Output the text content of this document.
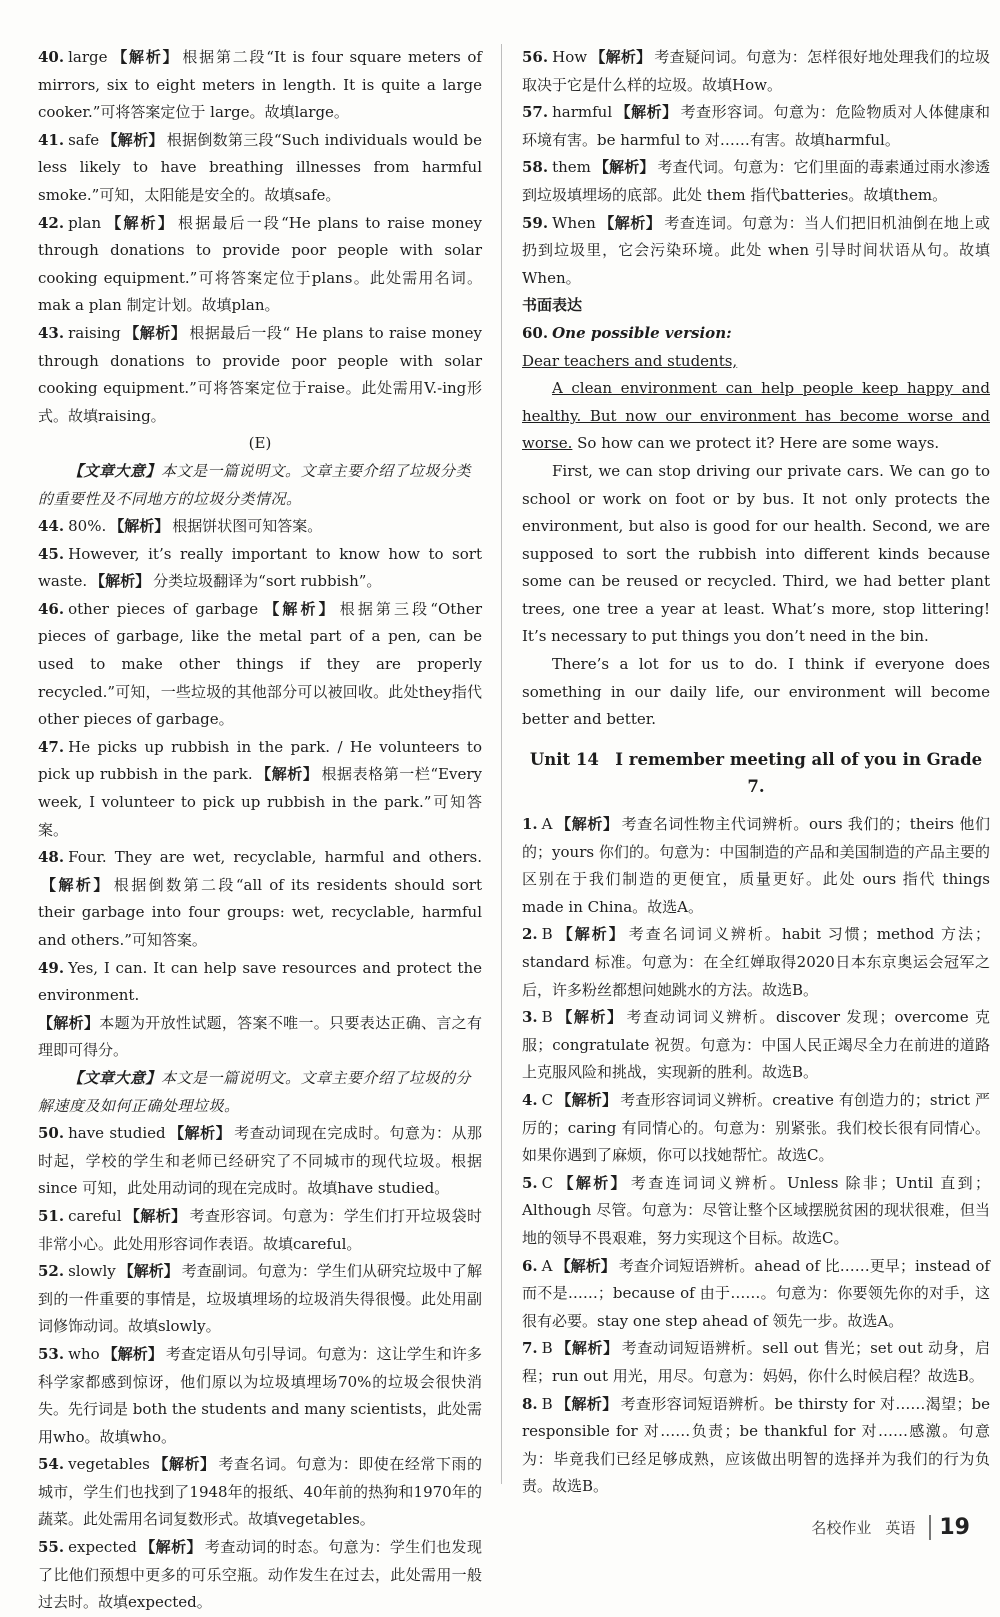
40. large 【解析】 根据第二段“It is four square meters of mirrors, six to eight meters in length. It is quite a large cooker.”可将答案定位于 large。故填large。
41. safe 【解析】 根据倒数第三段“Such individuals would be less likely to have breathing illnesses from harmful smoke.”可知，太阳能是安全的。故填safe。
42. plan 【解析】 根据最后一段“He plans to raise money through donations to provide poor people with solar cooking equipment.”可将答案定位于plans。此处需用名词。mak a plan 制定计划。故填plan。
43. raising 【解析】 根据最后一段“ He plans to raise money through donations to provide poor people with solar cooking equipment.”可将答案定位于raise。此处需用V.-ing形式。故填raising。
(E)
【文章大意】本文是一篇说明文。文章主要介绍了垃圾分类的重要性及不同地方的垃圾分类情况。
44. 80%. 【解析】 根据饼状图可知答案。
45. However, it’s really important to know how to sort waste. 【解析】 分类垃圾翻译为“sort rubbish”。
46. other pieces of garbage 【解析】 根据第三段“Other pieces of garbage, like the metal part of a pen, can be used to make other things if they are properly recycled.”可知，一些垃圾的其他部分可以被回收。此处they指代 other pieces of garbage。
47. He picks up rubbish in the park. / He volunteers to pick up rubbish in the park. 【解析】 根据表格第一栏“Every week, I volunteer to pick up rubbish in the park.”可知答案。
48. Four. They are wet, recyclable, harmful and others.【解析】 根据倒数第二段“all of its residents should sort their garbage into four groups: wet, recyclable, harmful and others.”可知答案。
49. Yes, I can. It can help save resources and protect the environment.
【解析】本题为开放性试题，答案不唯一。只要表达正确、言之有理即可得分。
【文章大意】本文是一篇说明文。文章主要介绍了垃圾的分解速度及如何正确处理垃圾。
50. have studied 【解析】 考查动词现在完成时。句意为：从那时起，学校的学生和老师已经研究了不同城市的现代垃圾。根据 since 可知，此处用动词的现在完成时。故填have studied。
51. careful 【解析】 考查形容词。句意为：学生们打开垃圾袋时非常小心。此处用形容词作表语。故填careful。
52. slowly 【解析】 考查副词。句意为：学生们从研究垃圾中了解到的一件重要的事情是，垃圾填埋场的垃圾消失得很慢。此处用副词修饰动词。故填slowly。
53. who 【解析】 考查定语从句引导词。句意为：这让学生和许多科学家都感到惊讶，他们原以为垃圾填埋场70%的垃圾会很快消失。先行词是 both the students and many scientists，此处需用who。故填who。
54. vegetables 【解析】 考查名词。句意为：即使在经常下雨的城市，学生们也找到了1948年的报纸、40年前的热狗和1970年的蔬菜。此处需用名词复数形式。故填vegetables。
55. expected 【解析】 考查动词的时态。句意为：学生们也发现了比他们预想中更多的可乐空瓶。动作发生在过去，此处需用一般过去时。故填expected。
56. How 【解析】 考查疑问词。句意为：怎样很好地处理我们的垃圾取决于它是什么样的垃圾。故填How。
57. harmful 【解析】 考查形容词。句意为：危险物质对人体健康和环境有害。be harmful to 对……有害。故填harmful。
58. them 【解析】 考查代词。句意为：它们里面的毒素通过雨水渗透到垃圾填埋场的底部。此处 them 指代batteries。故填them。
59. When 【解析】 考查连词。句意为：当人们把旧机油倒在地上或扔到垃圾里，它会污染环境。此处 when 引导时间状语从句。故填When。
书面表达
60. One possible version:
Dear teachers and students,
A clean environment can help people keep happy and healthy. But now our environment has become worse and worse. So how can we protect it? Here are some ways.
First, we can stop driving our private cars. We can go to school or work on foot or by bus. It not only protects the environment, but also is good for our health. Second, we are supposed to sort the rubbish into different kinds because some can be reused or recycled. Third, we had better plant trees, one tree a year at least. What’s more, stop littering! It’s necessary to put things you don’t need in the bin.
There’s a lot for us to do. I think if everyone does something in our daily life, our environment will become better and better.
Unit 14　I remember meeting all of you in Grade 7.
1. A 【解析】 考查名词性物主代词辨析。ours 我们的；theirs 他们的；yours 你们的。句意为：中国制造的产品和美国制造的产品主要的区别在于我们制造的更便宜，质量更好。此处 ours 指代 things made in China。故选A。
2. B 【解析】 考查名词词义辨析。habit 习惯；method 方法；standard 标准。句意为：在全红婵取得2020日本东京奥运会冠军之后，许多粉丝都想问她跳水的方法。故选B。
3. B 【解析】 考查动词词义辨析。discover 发现；overcome 克服；congratulate 祝贺。句意为：中国人民正竭尽全力在前进的道路上克服风险和挑战，实现新的胜利。故选B。
4. C 【解析】 考查形容词词义辨析。creative 有创造力的；strict 严厉的；caring 有同情心的。句意为：别紧张。我们校长很有同情心。如果你遇到了麻烦，你可以找她帮忙。故选C。
5. C 【解析】 考查连词词义辨析。Unless 除非；Until 直到；Although 尽管。句意为：尽管让整个区域摆脱贫困的现状很难，但当地的领导不畏艰难，努力实现这个目标。故选C。
6. A 【解析】 考查介词短语辨析。ahead of 比……更早；instead of 而不是……；because of 由于……。句意为：你要领先你的对手，这很有必要。stay one step ahead of 领先一步。故选A。
7. B 【解析】 考查动词短语辨析。sell out 售光；set out 动身，启程；run out 用光，用尽。句意为：妈妈，你什么时候启程？故选B。
8. B 【解析】 考查形容词短语辨析。be thirsty for 对……渴望；be responsible for 对……负责；be thankful for 对……感激。句意为：毕竟我们已经足够成熟，应该做出明智的选择并为我们的行为负责。故选B。
名校作业 英语	19
